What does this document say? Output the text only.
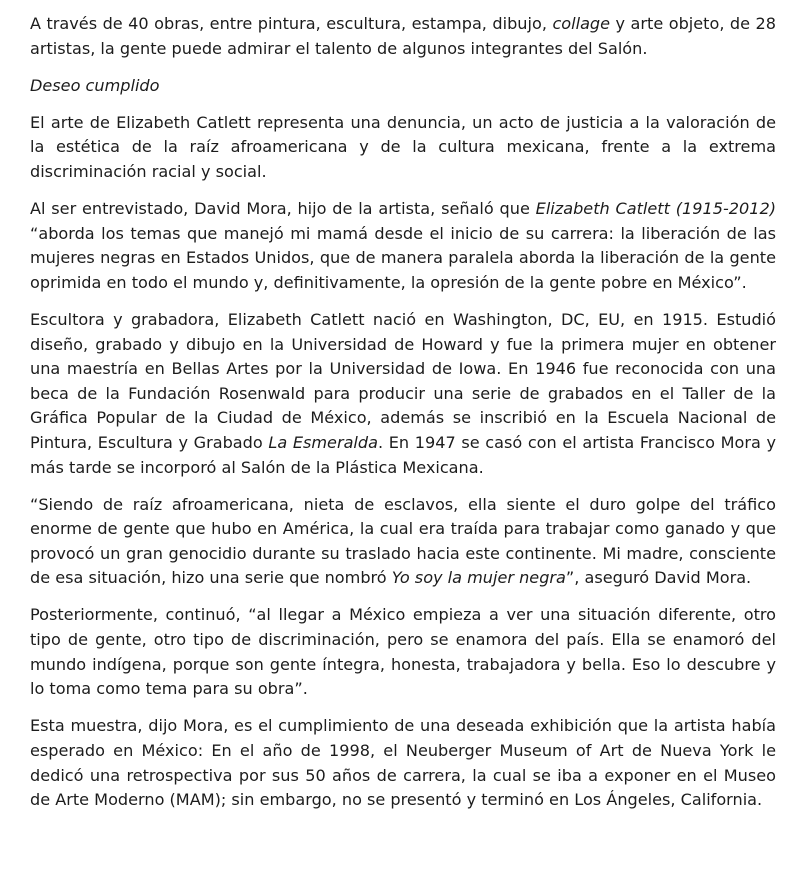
A través de 40 obras, entre pintura, escultura, estampa, dibujo, collage y arte objeto, de 28 artistas, la gente puede admirar el talento de algunos integrantes del Salón.

Deseo cumplido

El arte de Elizabeth Catlett representa una denuncia, un acto de justicia a la valoración de la estética de la raíz afroamericana y de la cultura mexicana, frente a la extrema discriminación racial y social.

Al ser entrevistado, David Mora, hijo de la artista, señaló que Elizabeth Catlett (1915-2012) “aborda los temas que manejó mi mamá desde el inicio de su carrera: la liberación de las mujeres negras en Estados Unidos, que de manera paralela aborda la liberación de la gente oprimida en todo el mundo y, definitivamente, la opresión de la gente pobre en México”.

Escultora y grabadora, Elizabeth Catlett nació en Washington, DC, EU, en 1915. Estudió diseño, grabado y dibujo en la Universidad de Howard y fue la primera mujer en obtener una maestría en Bellas Artes por la Universidad de Iowa. En 1946 fue reconocida con una beca de la Fundación Rosenwald para producir una serie de grabados en el Taller de la Gráfica Popular de la Ciudad de México, además se inscribió en la Escuela Nacional de Pintura, Escultura y Grabado La Esmeralda. En 1947 se casó con el artista Francisco Mora y más tarde se incorporó al Salón de la Plástica Mexicana.

“Siendo de raíz afroamericana, nieta de esclavos, ella siente el duro golpe del tráfico enorme de gente que hubo en América, la cual era traída para trabajar como ganado y que provocó un gran genocidio durante su traslado hacia este continente. Mi madre, consciente de esa situación, hizo una serie que nombró Yo soy la mujer negra”, aseguró David Mora.

Posteriormente, continuó, “al llegar a México empieza a ver una situación diferente, otro tipo de gente, otro tipo de discriminación, pero se enamora del país. Ella se enamoró del mundo indígena, porque son gente íntegra, honesta, trabajadora y bella. Eso lo descubre y lo toma como tema para su obra”.

Esta muestra, dijo Mora, es el cumplimiento de una deseada exhibición que la artista había esperado en México: En el año de 1998, el Neuberger Museum of Art de Nueva York le dedicó una retrospectiva por sus 50 años de carrera, la cual se iba a exponer en el Museo de Arte Moderno (MAM); sin embargo, no se presentó y terminó en Los Ángeles, California.
